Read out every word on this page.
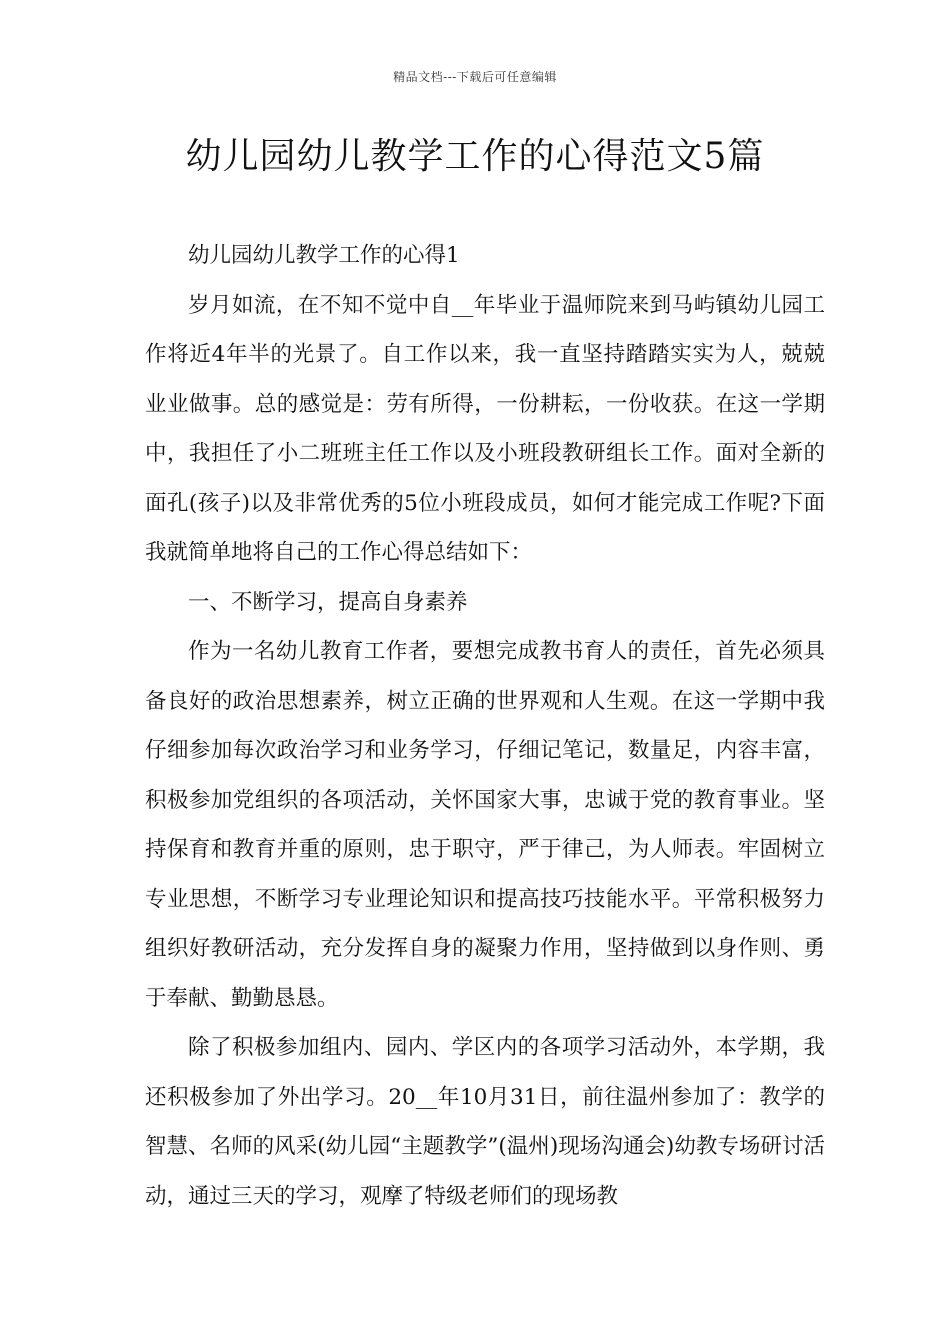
精品文档---下载后可任意编辑
幼儿园幼儿教学工作的心得范文5篇

幼儿园幼儿教学工作的心得1

岁月如流，在不知不觉中自__年毕业于温师院来到马屿镇幼儿园工作将近4年半的光景了。自工作以来，我一直坚持踏踏实实为人，兢兢业业做事。总的感觉是：劳有所得，一份耕耘，一份收获。在这一学期中，我担任了小二班班主任工作以及小班段教研组长工作。面对全新的面孔(孩子)以及非常优秀的5位小班段成员，如何才能完成工作呢?下面我就简单地将自己的工作心得总结如下：

一、不断学习，提高自身素养

作为一名幼儿教育工作者，要想完成教书育人的责任，首先必须具备良好的政治思想素养，树立正确的世界观和人生观。在这一学期中我仔细参加每次政治学习和业务学习，仔细记笔记，数量足，内容丰富，积极参加党组织的各项活动，关怀国家大事，忠诚于党的教育事业。坚持保育和教育并重的原则，忠于职守，严于律己，为人师表。牢固树立专业思想，不断学习专业理论知识和提高技巧技能水平。平常积极努力组织好教研活动，充分发挥自身的凝聚力作用，坚持做到以身作则、勇于奉献、勤勤恳恳。

除了积极参加组内、园内、学区内的各项学习活动外，本学期，我还积极参加了外出学习。20__年10月31日，前往温州参加了：教学的智慧、名师的风采(幼儿园“主题教学”(温州)现场沟通会)幼教专场研讨活动，通过三天的学习，观摩了特级老师们的现场教
